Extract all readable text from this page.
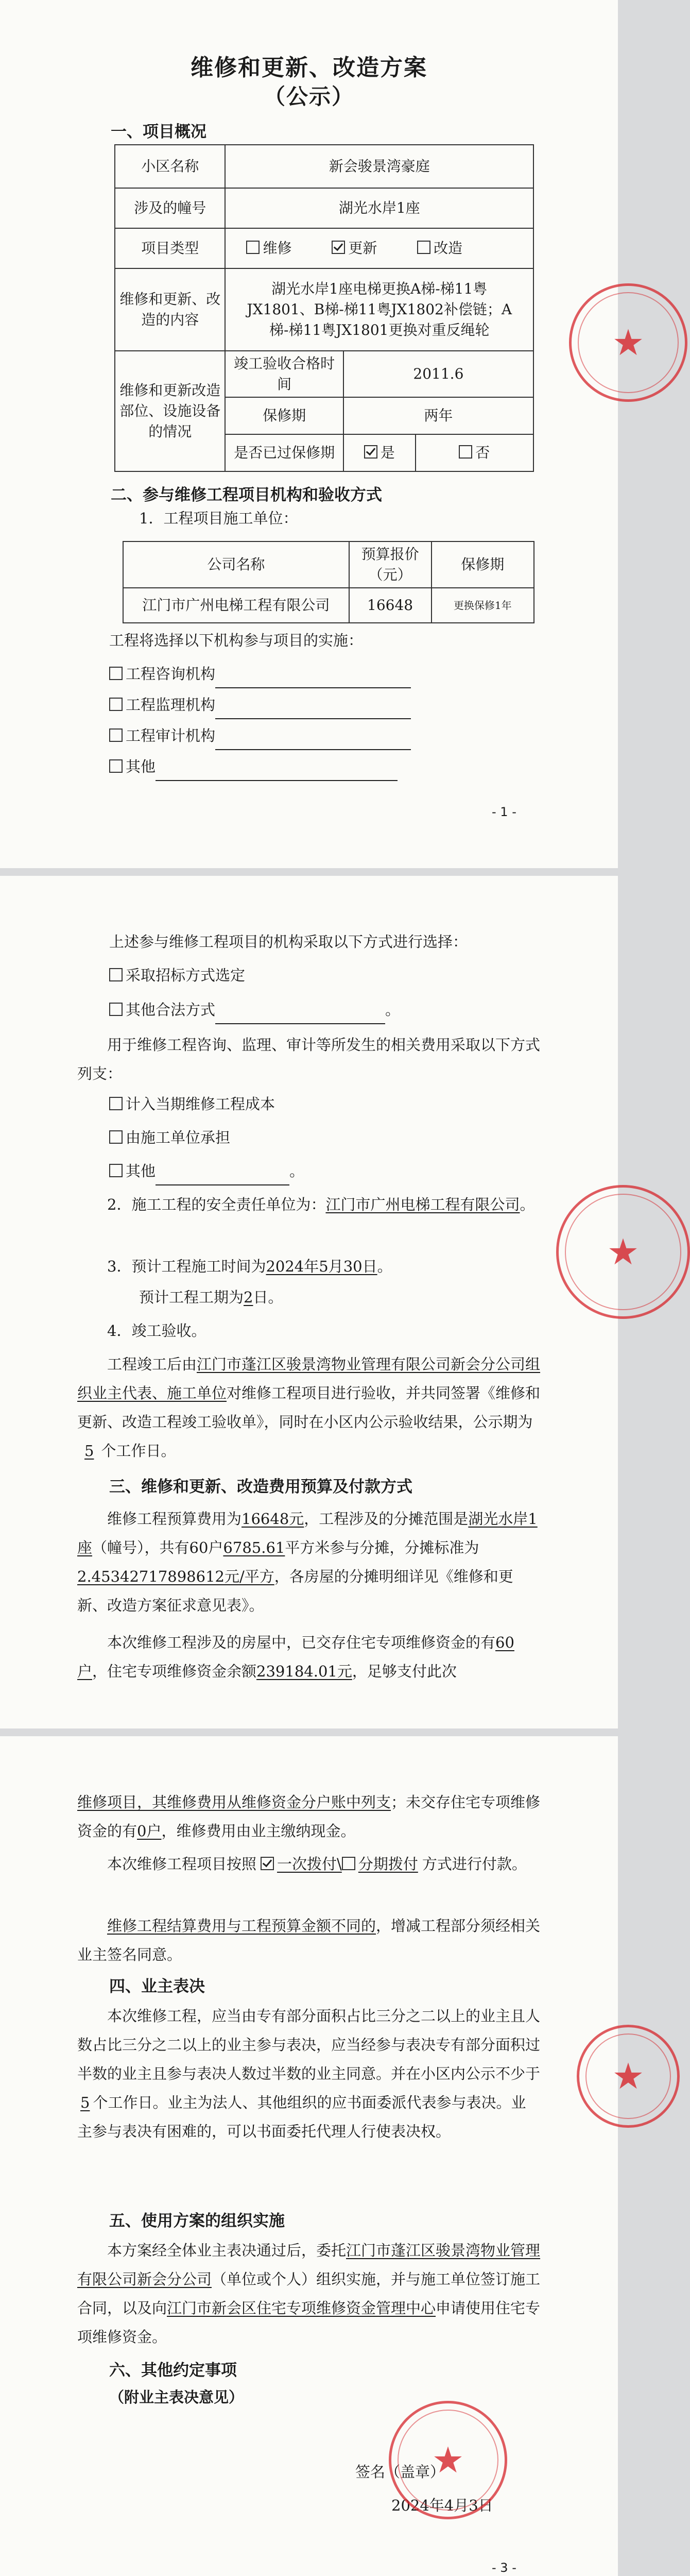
维修和更新、改造方案
（公示）
一、项目概况
小区名称	新会骏景湾豪庭		
涉及的幢号	湖光水岸1座		
项目类型	维修 更新 改造		
维修和更新、改造的内容	湖光水岸1座电梯更换A梯-梯11粤JX1801、B梯-梯11粤JX1802补偿链；A梯-梯11粤JX1801更换对重反绳轮		
维修和更新改造部位、设施设备的情况	竣工验收合格时间	2011.6	
	保修期	两年	
	是否已过保修期	是	否
二、参与维修工程项目机构和验收方式
1．工程项目施工单位：
公司名称	预算报价（元）	保修期
江门市广州电梯工程有限公司	16648	更换保修1年
工程将选择以下机构参与项目的实施：
工程咨询机构
工程监理机构
工程审计机构
其他
- 1 -
★
上述参与维修工程项目的机构采取以下方式进行选择：
采取招标方式选定
其他合法方式	。
用于维修工程咨询、监理、审计等所发生的相关费用采取以下方式列支：
计入当期维修工程成本
由施工单位承担
其他	。
2．施工工程的安全责任单位为：江门市广州电梯工程有限公司。
3．预计工程施工时间为2024年5月30日。
预计工程工期为2日。
4．竣工验收。
工程竣工后由江门市蓬江区骏景湾物业管理有限公司新会分公司组织业主代表、施工单位对维修工程项目进行验收，并共同签署《维修和更新、改造工程竣工验收单》，同时在小区内公示验收结果，公示期为5 个工作日。
三、维修和更新、改造费用预算及付款方式
维修工程预算费用为16648元，工程涉及的分摊范围是湖光水岸1座（幢号），共有60户6785.61平方米参与分摊，分摊标准为2.45342717898612元/平方，各房屋的分摊明细详见《维修和更新、改造方案征求意见表》。
本次维修工程涉及的房屋中，已交存住宅专项维修资金的有60户，住宅专项维修资金余额239184.01元，足够支付此次
★
维修项目，其维修费用从维修资金分户账中列支；未交存住宅专项维修资金的有0户，维修费用由业主缴纳现金。
本次维修工程项目按照 一次拨付\ 分期拨付 方式进行付款。
维修工程结算费用与工程预算金额不同的，增减工程部分须经相关业主签名同意。
四、业主表决
本次维修工程，应当由专有部分面积占比三分之二以上的业主且人数占比三分之二以上的业主参与表决，应当经参与表决专有部分面积过半数的业主且参与表决人数过半数的业主同意。并在小区内公示不少于5 个工作日。业主为法人、其他组织的应书面委派代表参与表决。业主参与表决有困难的，可以书面委托代理人行使表决权。
五、使用方案的组织实施
本方案经全体业主表决通过后，委托江门市蓬江区骏景湾物业管理有限公司新会分公司（单位或个人）组织实施，并与施工单位签订施工合同，以及向江门市新会区住宅专项维修资金管理中心申请使用住宅专项维修资金。
六、其他约定事项
（附业主表决意见）
签名（盖章）
2024年4月3日
★
★
- 3 -
